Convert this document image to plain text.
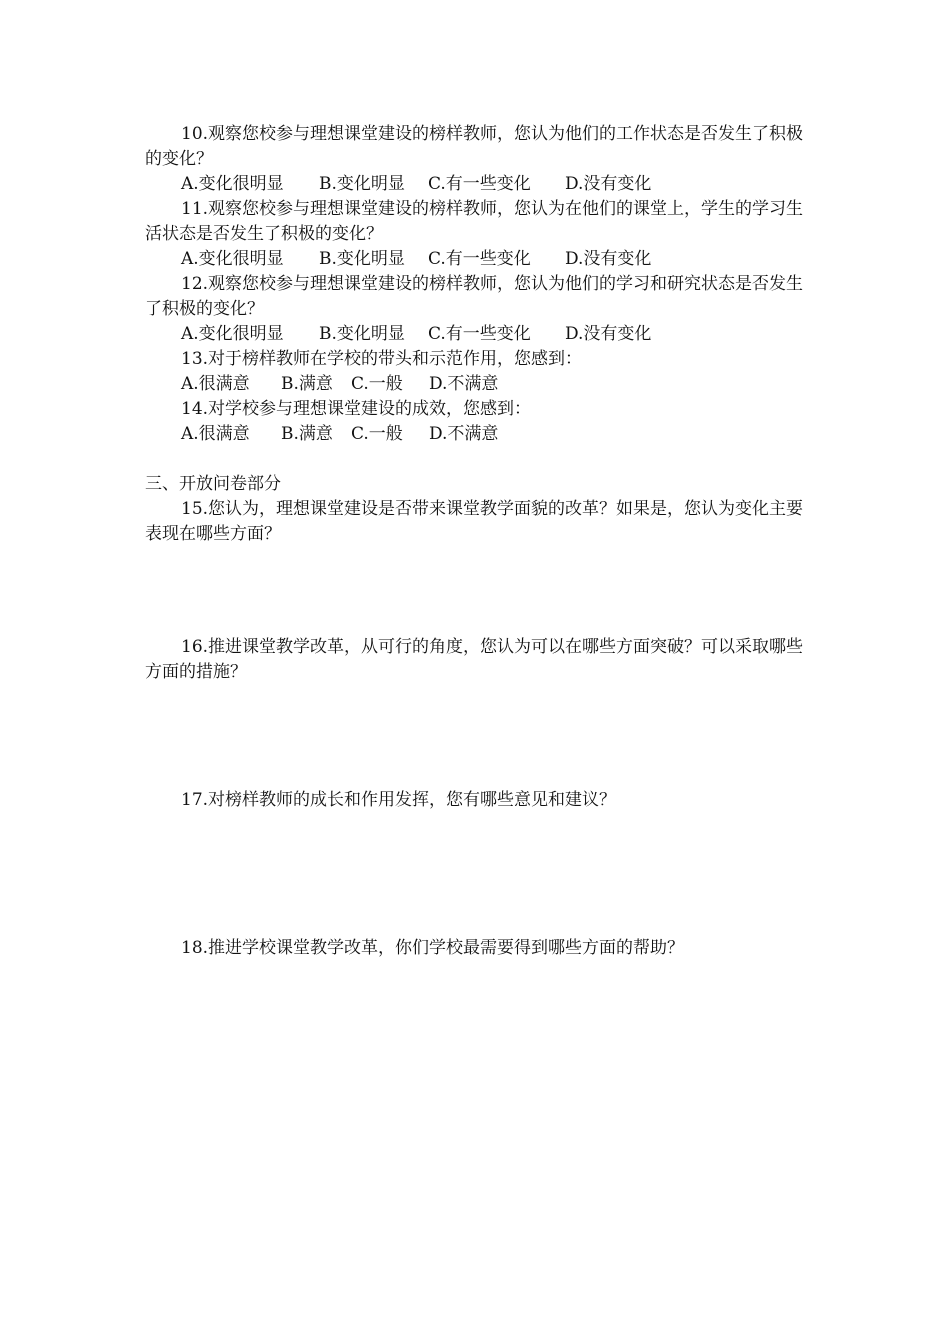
10.观察您校参与理想课堂建设的榜样教师，您认为他们的工作状态是否发生了积极的变化？

A.变化很明显 B.变化明显 C.有一些变化 D.没有变化

11.观察您校参与理想课堂建设的榜样教师，您认为在他们的课堂上，学生的学习生活状态是否发生了积极的变化？

A.变化很明显 B.变化明显 C.有一些变化 D.没有变化

12.观察您校参与理想课堂建设的榜样教师，您认为他们的学习和研究状态是否发生了积极的变化？

A.变化很明显 B.变化明显 C.有一些变化 D.没有变化

13.对于榜样教师在学校的带头和示范作用，您感到：

A.很满意 B.满意 C.一般 D.不满意

14.对学校参与理想课堂建设的成效，您感到：

A.很满意 B.满意 C.一般 D.不满意

三、开放问卷部分

15.您认为，理想课堂建设是否带来课堂教学面貌的改革？如果是，您认为变化主要表现在哪些方面？

16.推进课堂教学改革，从可行的角度，您认为可以在哪些方面突破？可以采取哪些方面的措施？

17.对榜样教师的成长和作用发挥，您有哪些意见和建议？

18.推进学校课堂教学改革，你们学校最需要得到哪些方面的帮助？
